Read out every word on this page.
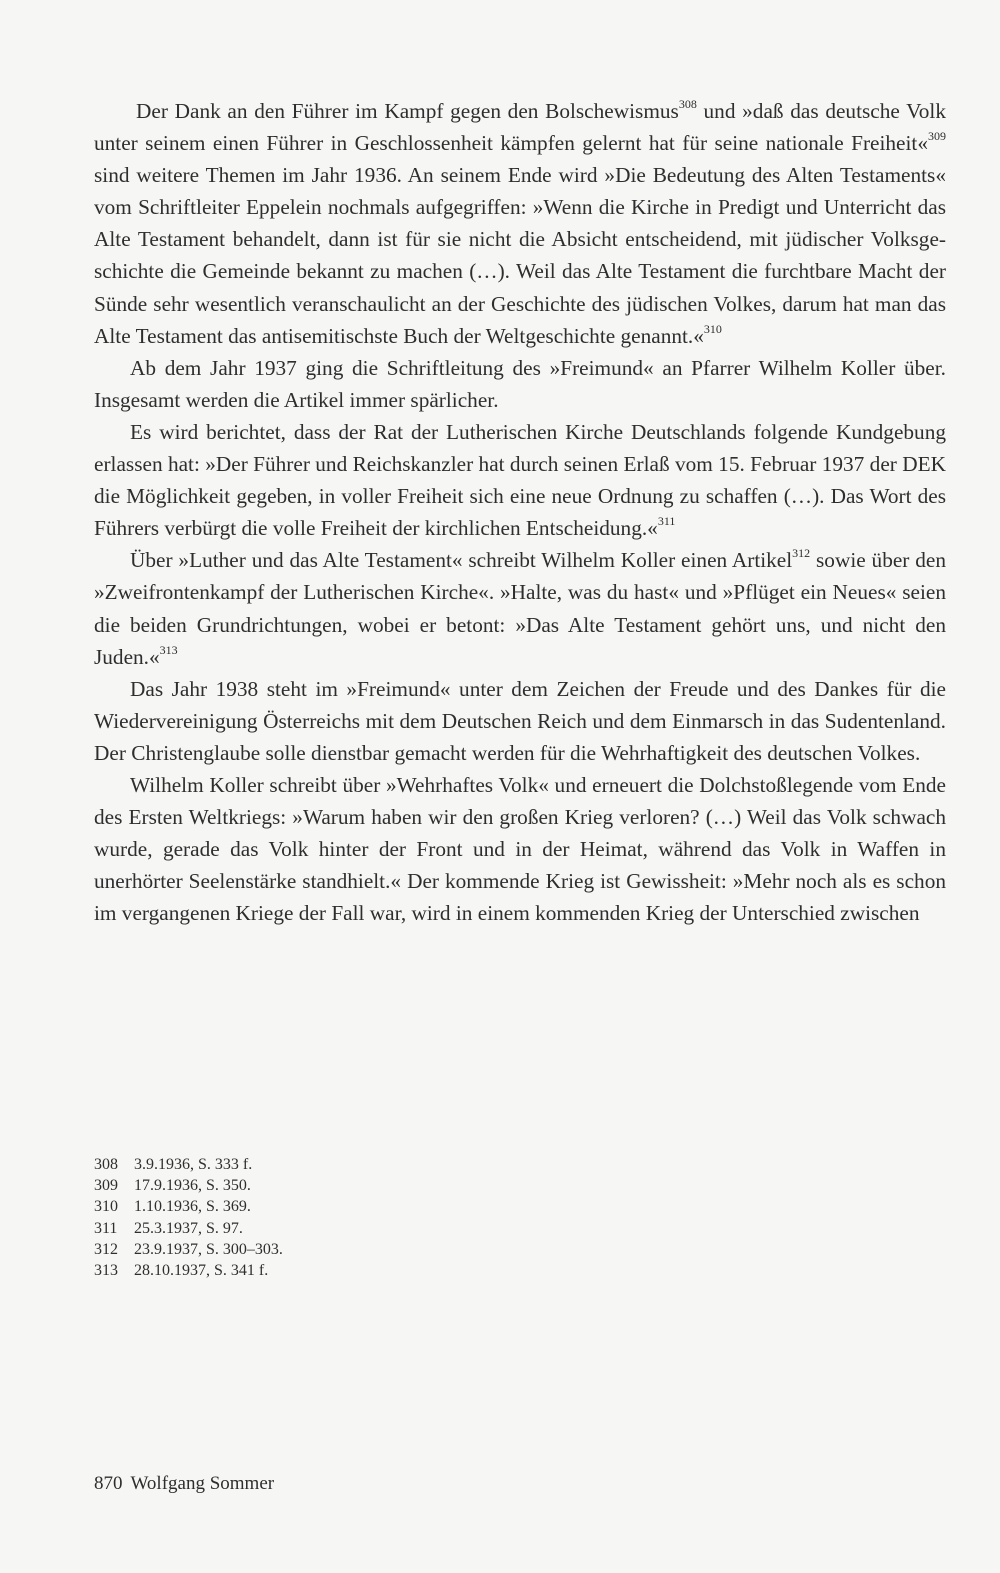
Der Dank an den Führer im Kampf gegen den Bolschewismus$^{308}$ und »daß das deutsche Volk unter seinem einen Führer in Geschlossenheit kämpfen gelernt hat für seine nationale Freiheit«$^{309}$ sind weitere Themen im Jahr 1936. An seinem Ende wird »Die Bedeutung des Alten Testaments« vom Schriftleiter Eppelein nochmals aufgegriffen: »Wenn die Kirche in Predigt und Unterricht das Alte Testament behandelt, dann ist für sie nicht die Absicht entscheidend, mit jüdischer Volksgeschichte die Gemeinde bekannt zu machen (…). Weil das Alte Testament die furchtbare Macht der Sünde sehr wesentlich veranschaulicht an der Geschichte des jüdischen Volkes, darum hat man das Alte Testament das antisemitischste Buch der Weltgeschichte genannt.«$^{310}$

Ab dem Jahr 1937 ging die Schriftleitung des »Freimund« an Pfarrer Wilhelm Koller über. Insgesamt werden die Artikel immer spärlicher.

Es wird berichtet, dass der Rat der Lutherischen Kirche Deutschlands folgende Kundgebung erlassen hat: »Der Führer und Reichskanzler hat durch seinen Erlaß vom 15. Februar 1937 der DEK die Möglichkeit gegeben, in voller Freiheit sich eine neue Ordnung zu schaffen (…). Das Wort des Führers verbürgt die volle Freiheit der kirchlichen Entscheidung.«$^{311}$

Über »Luther und das Alte Testament« schreibt Wilhelm Koller einen Artikel$^{312}$ sowie über den »Zweifrontenkampf der Lutherischen Kirche«. »Halte, was du hast« und »Pflüget ein Neues« seien die beiden Grundrichtungen, wobei er betont: »Das Alte Testament gehört uns, und nicht den Juden.«$^{313}$

Das Jahr 1938 steht im »Freimund« unter dem Zeichen der Freude und des Dankes für die Wiedervereinigung Österreichs mit dem Deutschen Reich und dem Einmarsch in das Sudentenland. Der Christenglaube solle dienstbar gemacht werden für die Wehrhaftigkeit des deutschen Volkes.

Wilhelm Koller schreibt über »Wehrhaftes Volk« und erneuert die Dolchstoßlegende vom Ende des Ersten Weltkriegs: »Warum haben wir den großen Krieg verloren? (…) Weil das Volk schwach wurde, gerade das Volk hinter der Front und in der Heimat, während das Volk in Waffen in unerhörter Seelenstärke standhielt.« Der kommende Krieg ist Gewissheit: »Mehr noch als es schon im vergangenen Kriege der Fall war, wird in einem kommenden Krieg der Unterschied zwischen

308	3.9.1936, S. 333 f.
309	17.9.1936, S. 350.
310	1.10.1936, S. 369.
311	25.3.1937, S. 97.
312	23.9.1937, S. 300–303.
313	28.10.1937, S. 341 f.
870 Wolfgang Sommer
